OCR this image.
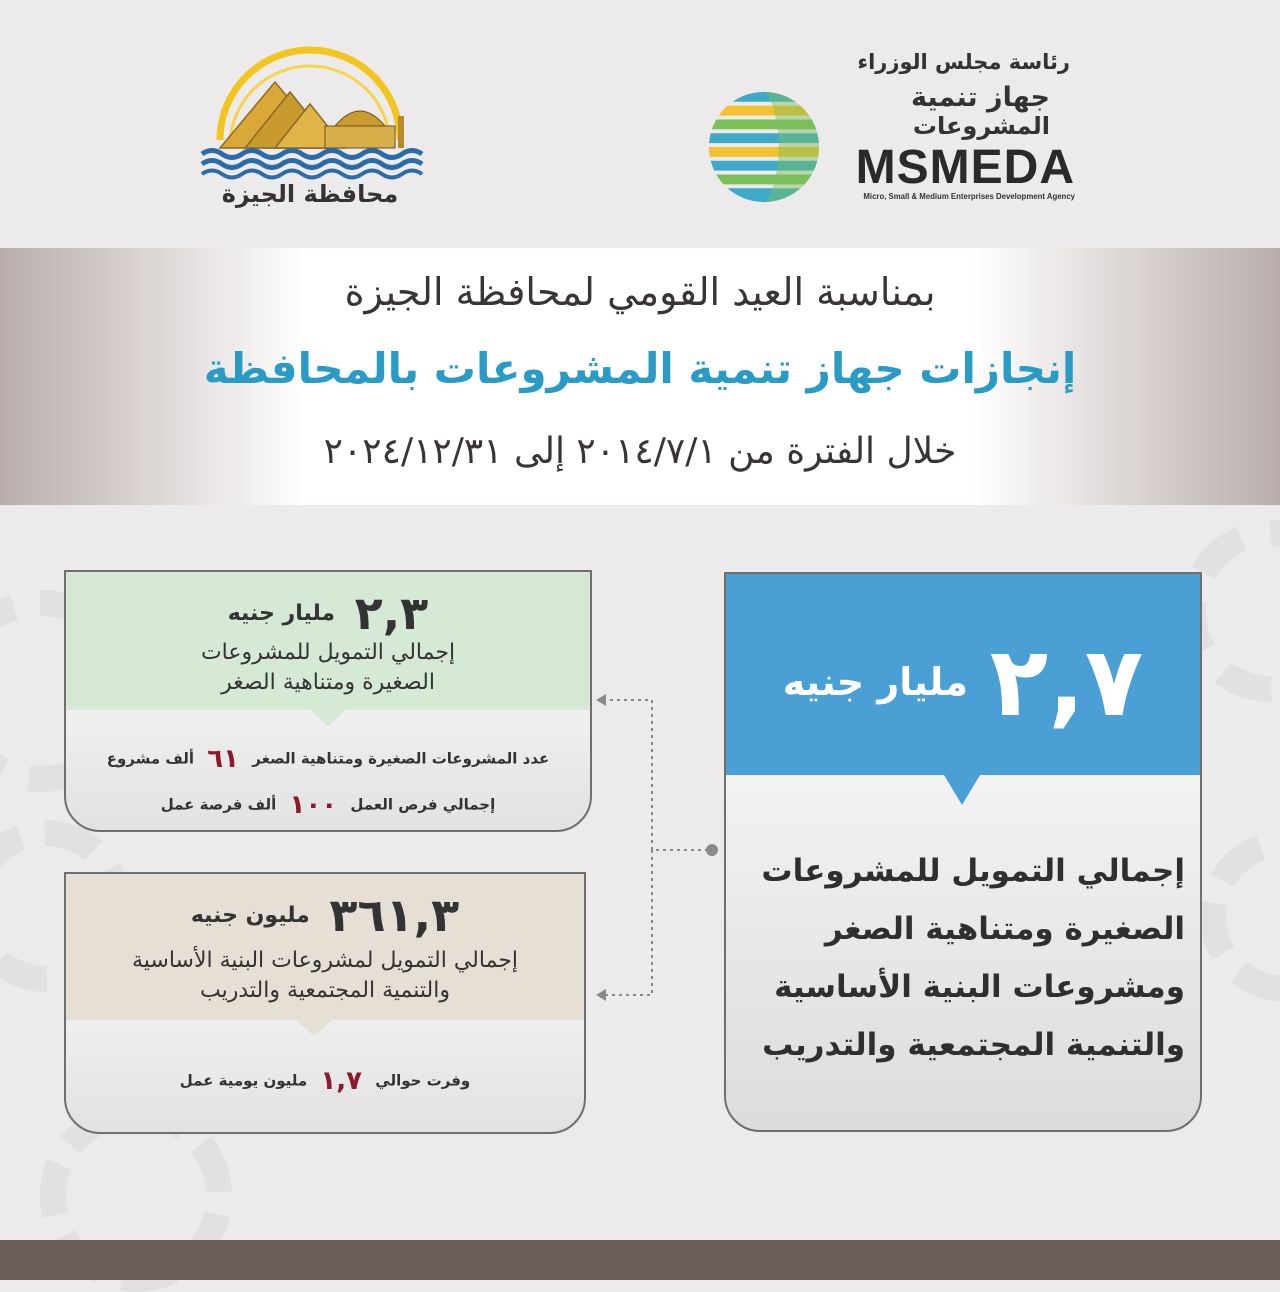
رئاسة مجلس الوزراء
جهاز تنمية
المشروعات
MSMEDA
Micro, Small & Medium Enterprises Development Agency
محافظة الجيزة
بمناسبة العيد القومي لمحافظة الجيزة
إنجازات جهاز تنمية المشروعات بالمحافظة
خلال الفترة من ٢٠١٤/٧/١ إلى ٢٠٢٤/١٢/٣١
٢,٧ مليار جنيه
إجمالي التمويل للمشروعات
الصغيرة ومتناهية الصغر
ومشروعات البنية الأساسية
والتنمية المجتمعية والتدريب
٢,٣ مليار جنيه
إجمالي التمويل للمشروعات
الصغيرة ومتناهية الصغر
عدد المشروعات الصغيرة ومتناهية الصغر ٦١ ألف مشروع
إجمالي فرص العمل ١٠٠ ألف فرصة عمل
٣٦١,٣ مليون جنيه
إجمالي التمويل لمشروعات البنية الأساسية
والتنمية المجتمعية والتدريب
وفرت حوالي ١,٧ مليون يومية عمل
